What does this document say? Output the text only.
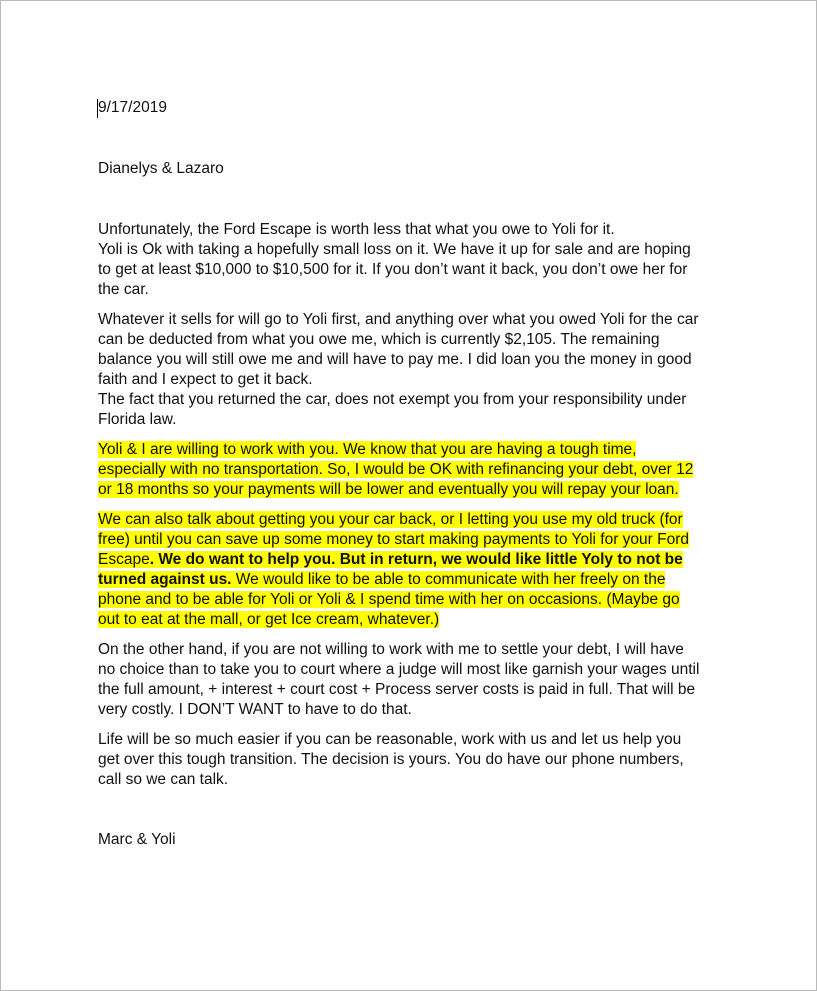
9/17/2019
Dianelys & Lazaro
Unfortunately, the Ford Escape is worth less that what you owe to Yoli for it.
Yoli is Ok with taking a hopefully small loss on it. We have it up for sale and are hoping
to get at least $10,000 to $10,500 for it. If you don’t want it back, you don’t owe her for
the car.
Whatever it sells for will go to Yoli first, and anything over what you owed Yoli for the car
can be deducted from what you owe me, which is currently $2,105. The remaining
balance you will still owe me and will have to pay me. I did loan you the money in good
faith and I expect to get it back.
The fact that you returned the car, does not exempt you from your responsibility under
Florida law.
Yoli & I are willing to work with you. We know that you are having a tough time,
especially with no transportation. So, I would be OK with refinancing your debt, over 12
or 18 months so your payments will be lower and eventually you will repay your loan.
We can also talk about getting you your car back, or I letting you use my old truck (for
free) until you can save up some money to start making payments to Yoli for your Ford
Escape. We do want to help you. But in return, we would like little Yoly to not be
turned against us. We would like to be able to communicate with her freely on the
phone and to be able for Yoli or Yoli & I spend time with her on occasions. (Maybe go
out to eat at the mall, or get Ice cream, whatever.)
On the other hand, if you are not willing to work with me to settle your debt, I will have
no choice than to take you to court where a judge will most like garnish your wages until
the full amount, + interest + court cost + Process server costs is paid in full. That will be
very costly. I DON’T WANT to have to do that.
Life will be so much easier if you can be reasonable, work with us and let us help you
get over this tough transition. The decision is yours. You do have our phone numbers,
call so we can talk.
Marc & Yoli
